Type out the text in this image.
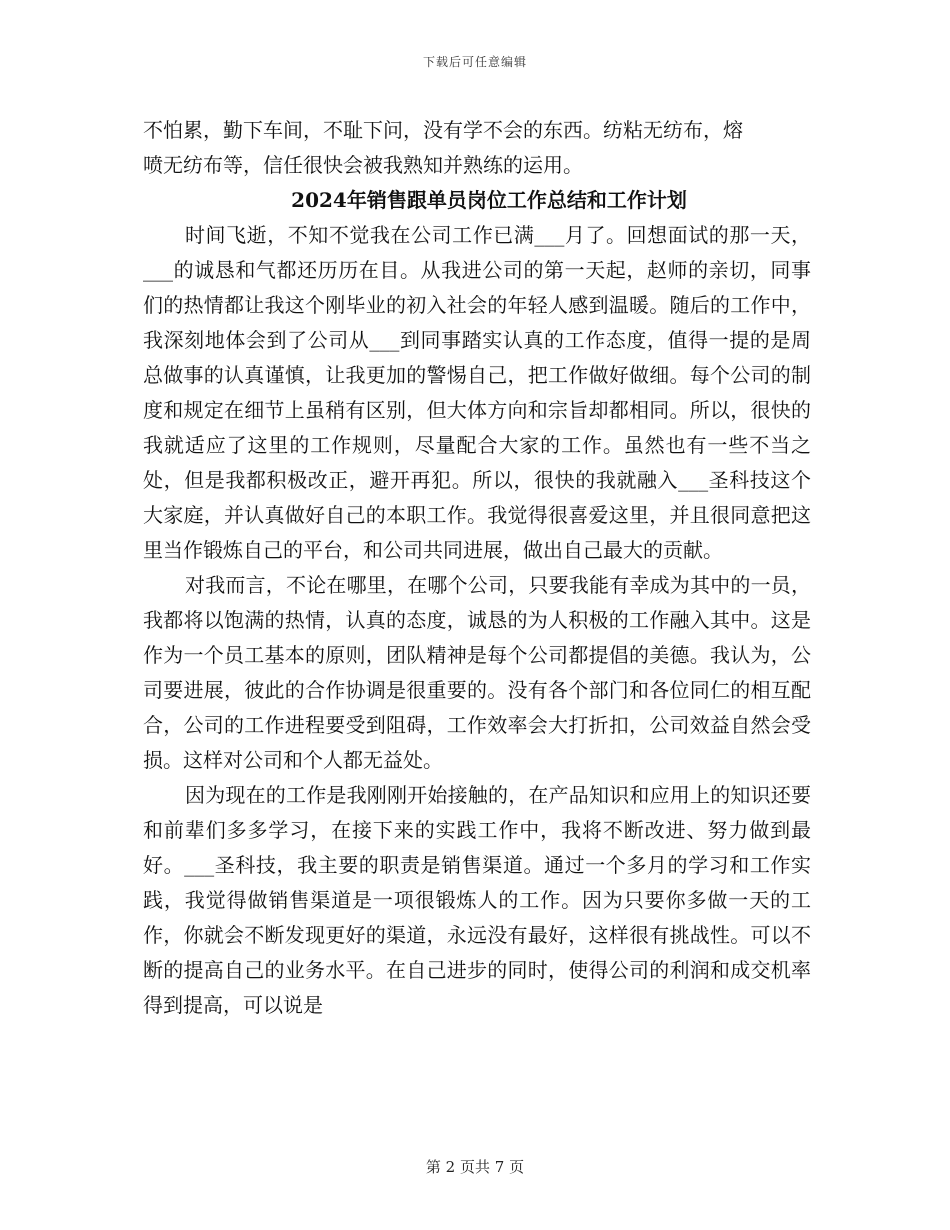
下载后可任意编辑
不怕累，勤下车间，不耻下问，没有学不会的东西。纺粘无纺布，熔
喷无纺布等，信任很快会被我熟知并熟练的运用。
2024年销售跟单员岗位工作总结和工作计划

时间飞逝，不知不觉我在公司工作已满___月了。回想面试的那一天，___的诚恳和气都还历历在目。从我进公司的第一天起，赵师的亲切，同事们的热情都让我这个刚毕业的初入社会的年轻人感到温暖。随后的工作中，我深刻地体会到了公司从___到同事踏实认真的工作态度，值得一提的是周总做事的认真谨慎，让我更加的警惕自己，把工作做好做细。每个公司的制度和规定在细节上虽稍有区别，但大体方向和宗旨却都相同。所以，很快的我就适应了这里的工作规则，尽量配合大家的工作。虽然也有一些不当之处，但是我都积极改正，避开再犯。所以，很快的我就融入___圣科技这个大家庭，并认真做好自己的本职工作。我觉得很喜爱这里，并且很同意把这里当作锻炼自己的平台，和公司共同进展，做出自己最大的贡献。

对我而言，不论在哪里，在哪个公司，只要我能有幸成为其中的一员，我都将以饱满的热情，认真的态度，诚恳的为人积极的工作融入其中。这是作为一个员工基本的原则，团队精神是每个公司都提倡的美德。我认为，公司要进展，彼此的合作协调是很重要的。没有各个部门和各位同仁的相互配合，公司的工作进程要受到阻碍，工作效率会大打折扣，公司效益自然会受损。这样对公司和个人都无益处。

因为现在的工作是我刚刚开始接触的，在产品知识和应用上的知识还要和前辈们多多学习，在接下来的实践工作中，我将不断改进、努力做到最好。___圣科技，我主要的职责是销售渠道。通过一个多月的学习和工作实践，我觉得做销售渠道是一项很锻炼人的工作。因为只要你多做一天的工作，你就会不断发现更好的渠道，永远没有最好，这样很有挑战性。可以不断的提高自己的业务水平。在自己进步的同时，使得公司的利润和成交机率得到提高，可以说是

第 2 页共 7 页
